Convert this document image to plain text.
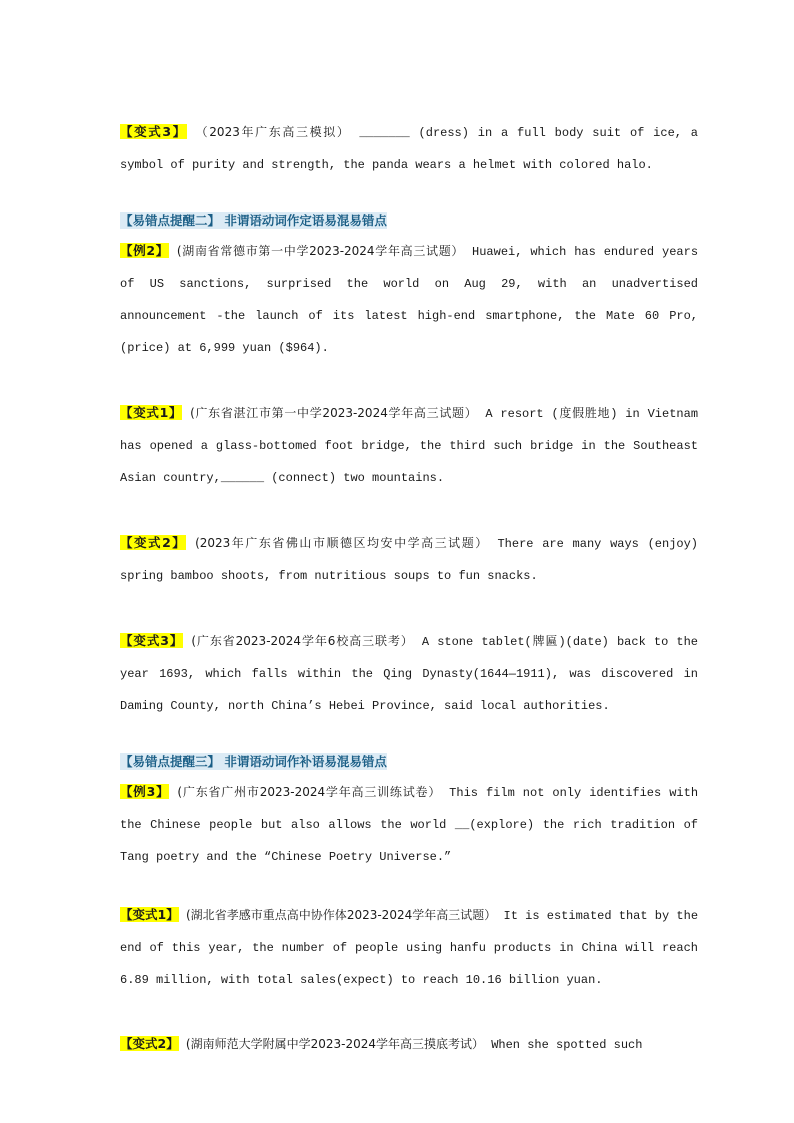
【变式3】 （2023年广东高三模拟） _______ (dress) in a full body suit of ice, a symbol of purity and strength, the panda wears a helmet with colored halo.

【易错点提醒二】 非谓语动词作定语易混易错点

【例2】 (湖南省常德市第一中学2023-2024学年高三试题） Huawei, which has endured years of US sanctions, surprised the world on Aug 29, with an unadvertised announcement -the launch of its latest high-end smartphone, the Mate 60 Pro, (price) at 6,999 yuan ($964).

【变式1】 (广东省湛江市第一中学2023-2024学年高三试题） A resort (度假胜地) in Vietnam has opened a glass-bottomed foot bridge, the third such bridge in the Southeast Asian country,______ (connect) two mountains.

【变式2】 (2023年广东省佛山市顺德区均安中学高三试题） There are many ways (enjoy) spring bamboo shoots, from nutritious soups to fun snacks.

【变式3】 (广东省2023-2024学年6校高三联考） A stone tablet(牌匾)(date) back to the year 1693, which falls within the Qing Dynasty(1644—1911), was discovered in Daming County, north China’s Hebei Province, said local authorities.

【易错点提醒三】 非谓语动词作补语易混易错点

【例3】 (广东省广州市2023-2024学年高三训练试卷） This film not only identifies with the Chinese people but also allows the world __(explore) the rich tradition of Tang poetry and the “Chinese Poetry Universe.”

【变式1】 (湖北省孝感市重点高中协作体2023-2024学年高三试题） It is estimated that by the end of this year, the number of people using hanfu products in China will reach 6.89 million, with total sales(expect) to reach 10.16 billion yuan.

【变式2】 (湖南师范大学附属中学2023-2024学年高三摸底考试） When she spotted such
